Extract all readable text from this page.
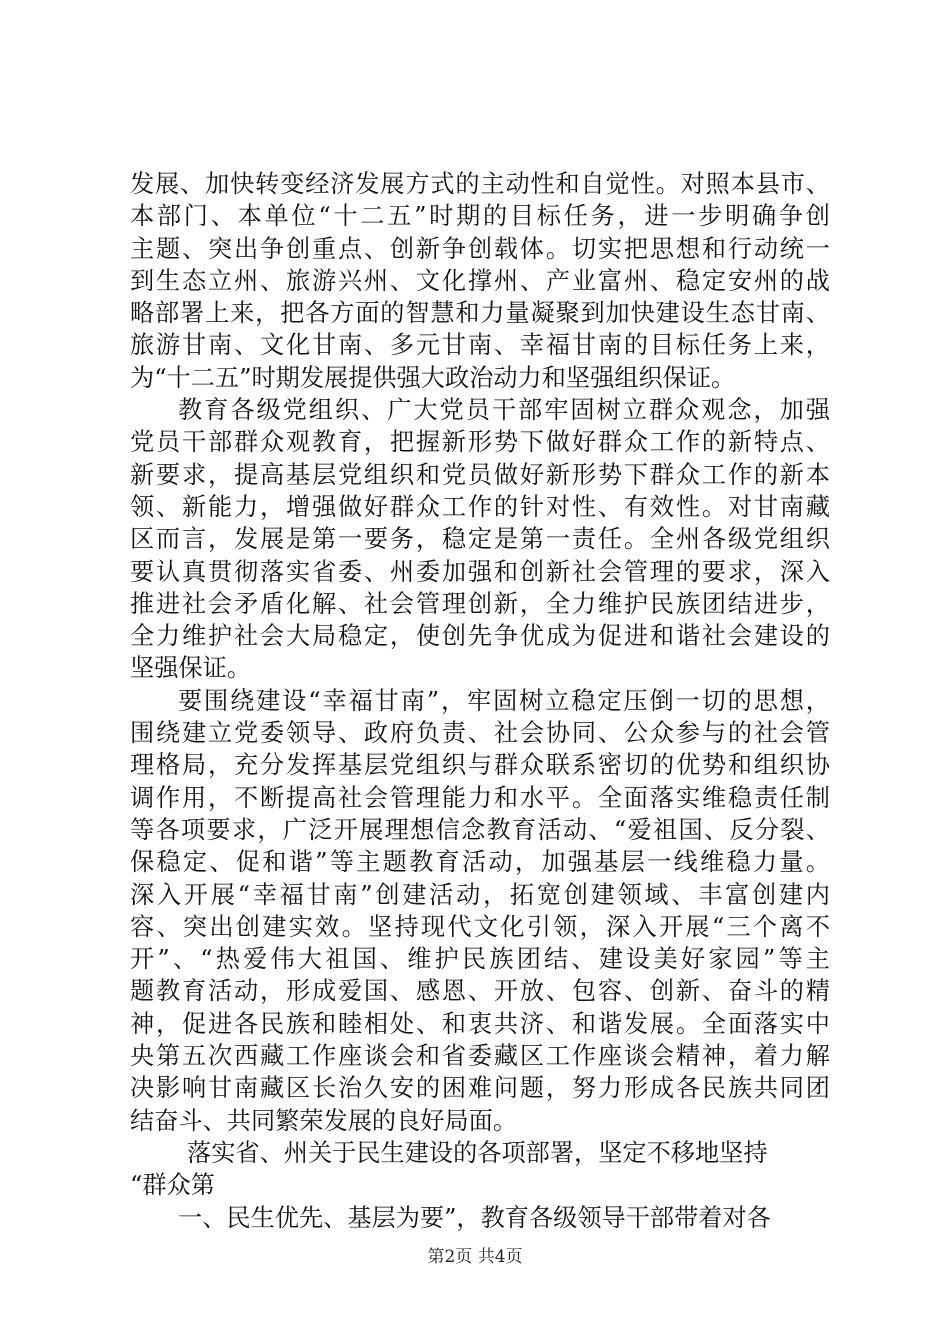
发展、加快转变经济发展方式的主动性和自觉性。对照本县市、
本部门、本单位“十二五”时期的目标任务，进一步明确争创
主题、突出争创重点、创新争创载体。切实把思想和行动统一
到生态立州、旅游兴州、文化撑州、产业富州、稳定安州的战
略部署上来，把各方面的智慧和力量凝聚到加快建设生态甘南、
旅游甘南、文化甘南、多元甘南、幸福甘南的目标任务上来，
为“十二五”时期发展提供强大政治动力和坚强组织保证。
教育各级党组织、广大党员干部牢固树立群众观念，加强
党员干部群众观教育，把握新形势下做好群众工作的新特点、
新要求，提高基层党组织和党员做好新形势下群众工作的新本
领、新能力，增强做好群众工作的针对性、有效性。对甘南藏
区而言，发展是第一要务，稳定是第一责任。全州各级党组织
要认真贯彻落实省委、州委加强和创新社会管理的要求，深入
推进社会矛盾化解、社会管理创新，全力维护民族团结进步，
全力维护社会大局稳定，使创先争优成为促进和谐社会建设的
坚强保证。
要围绕建设“幸福甘南”，牢固树立稳定压倒一切的思想，
围绕建立党委领导、政府负责、社会协同、公众参与的社会管
理格局，充分发挥基层党组织与群众联系密切的优势和组织协
调作用，不断提高社会管理能力和水平。全面落实维稳责任制
等各项要求，广泛开展理想信念教育活动、“爱祖国、反分裂、
保稳定、促和谐”等主题教育活动，加强基层一线维稳力量。
深入开展“幸福甘南”创建活动，拓宽创建领域、丰富创建内
容、突出创建实效。坚持现代文化引领，深入开展“三个离不
开”、“热爱伟大祖国、维护民族团结、建设美好家园”等主
题教育活动，形成爱国、感恩、开放、包容、创新、奋斗的精
神，促进各民族和睦相处、和衷共济、和谐发展。全面落实中
央第五次西藏工作座谈会和省委藏区工作座谈会精神，着力解
决影响甘南藏区长治久安的困难问题，努力形成各民族共同团
结奋斗、共同繁荣发展的良好局面。
落实省、州关于民生建设的各项部署，坚定不移地坚持
“群众第
一、民生优先、基层为要”，教育各级领导干部带着对各
第2页 共4页
